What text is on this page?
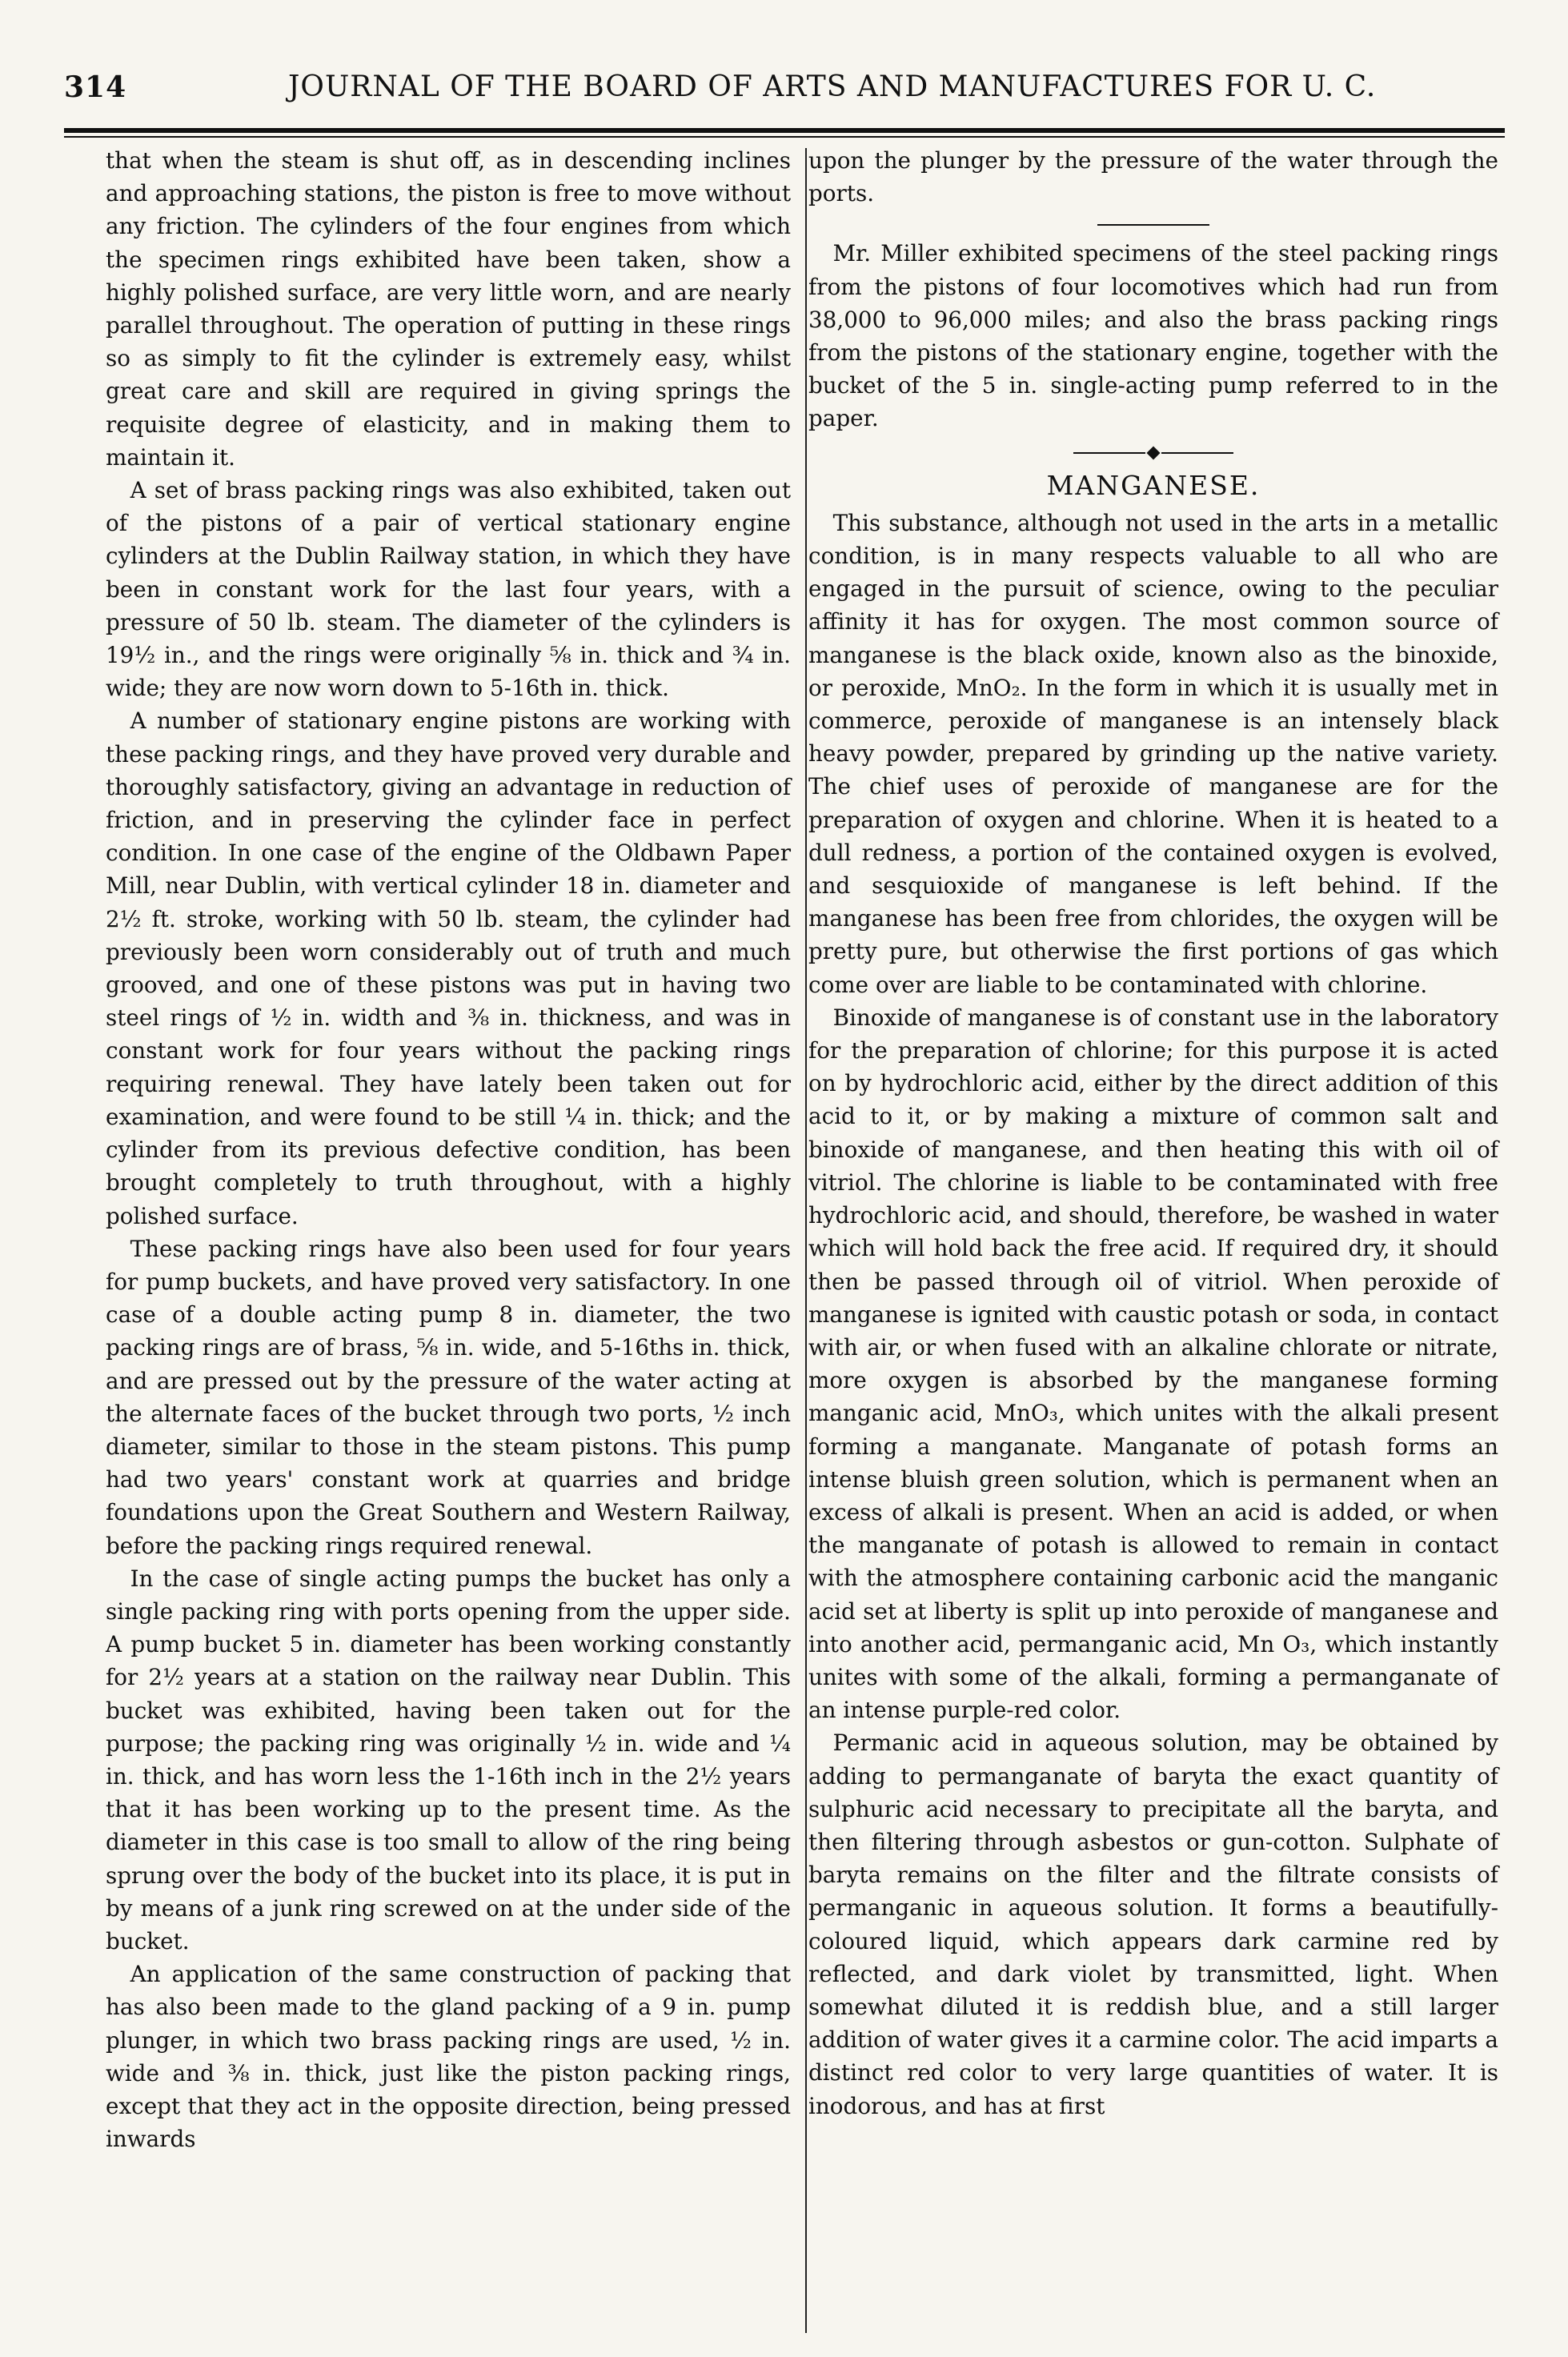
314	JOURNAL OF THE BOARD OF ARTS AND MANUFACTURES FOR U. C.

that when the steam is shut off, as in descending inclines and approaching stations, the piston is free to move without any friction. The cylinders of the four engines from which the specimen rings exhibited have been taken, show a highly polished surface, are very little worn, and are nearly parallel throughout. The operation of putting in these rings so as simply to fit the cylinder is extremely easy, whilst great care and skill are required in giving springs the requisite degree of elasticity, and in making them to maintain it.

A set of brass packing rings was also exhibited, taken out of the pistons of a pair of vertical stationary engine cylinders at the Dublin Railway station, in which they have been in constant work for the last four years, with a pressure of 50 lb. steam. The diameter of the cylinders is 19½ in., and the rings were originally ⅝ in. thick and ¾ in. wide; they are now worn down to 5-16th in. thick.

A number of stationary engine pistons are working with these packing rings, and they have proved very durable and thoroughly satisfactory, giving an advantage in reduction of friction, and in preserving the cylinder face in perfect condition. In one case of the engine of the Oldbawn Paper Mill, near Dublin, with vertical cylinder 18 in. diameter and 2½ ft. stroke, working with 50 lb. steam, the cylinder had previously been worn considerably out of truth and much grooved, and one of these pistons was put in having two steel rings of ½ in. width and ⅜ in. thickness, and was in constant work for four years without the packing rings requiring renewal. They have lately been taken out for examination, and were found to be still ¼ in. thick; and the cylinder from its previous defective condition, has been brought completely to truth throughout, with a highly polished surface.

These packing rings have also been used for four years for pump buckets, and have proved very satisfactory. In one case of a double acting pump 8 in. diameter, the two packing rings are of brass, ⅝ in. wide, and 5-16ths in. thick, and are pressed out by the pressure of the water acting at the alternate faces of the bucket through two ports, ½ inch diameter, similar to those in the steam pistons. This pump had two years' constant work at quarries and bridge foundations upon the Great Southern and Western Railway, before the packing rings required renewal.

In the case of single acting pumps the bucket has only a single packing ring with ports opening from the upper side. A pump bucket 5 in. diameter has been working constantly for 2½ years at a station on the railway near Dublin. This bucket was exhibited, having been taken out for the purpose; the packing ring was originally ½ in. wide and ¼ in. thick, and has worn less the 1-16th inch in the 2½ years that it has been working up to the present time. As the diameter in this case is too small to allow of the ring being sprung over the body of the bucket into its place, it is put in by means of a junk ring screwed on at the under side of the bucket.

An application of the same construction of packing that has also been made to the gland packing of a 9 in. pump plunger, in which two brass packing rings are used, ½ in. wide and ⅜ in. thick, just like the piston packing rings, except that they act in the opposite direction, being pressed inwards

upon the plunger by the pressure of the water through the ports.

Mr. Miller exhibited specimens of the steel packing rings from the pistons of four locomotives which had run from 38,000 to 96,000 miles; and also the brass packing rings from the pistons of the stationary engine, together with the bucket of the 5 in. single-acting pump referred to in the paper.

MANGANESE.

This substance, although not used in the arts in a metallic condition, is in many respects valuable to all who are engaged in the pursuit of science, owing to the peculiar affinity it has for oxygen. The most common source of manganese is the black oxide, known also as the binoxide, or peroxide, MnO₂. In the form in which it is usually met in commerce, peroxide of manganese is an intensely black heavy powder, prepared by grinding up the native variety. The chief uses of peroxide of manganese are for the preparation of oxygen and chlorine. When it is heated to a dull redness, a portion of the contained oxygen is evolved, and sesquioxide of manganese is left behind. If the manganese has been free from chlorides, the oxygen will be pretty pure, but otherwise the first portions of gas which come over are liable to be contaminated with chlorine.

Binoxide of manganese is of constant use in the laboratory for the preparation of chlorine; for this purpose it is acted on by hydrochloric acid, either by the direct addition of this acid to it, or by making a mixture of common salt and binoxide of manganese, and then heating this with oil of vitriol. The chlorine is liable to be contaminated with free hydrochloric acid, and should, therefore, be washed in water which will hold back the free acid. If required dry, it should then be passed through oil of vitriol. When peroxide of manganese is ignited with caustic potash or soda, in contact with air, or when fused with an alkaline chlorate or nitrate, more oxygen is absorbed by the manganese forming manganic acid, MnO₃, which unites with the alkali present forming a manganate. Manganate of potash forms an intense bluish green solution, which is permanent when an excess of alkali is present. When an acid is added, or when the manganate of potash is allowed to remain in contact with the atmosphere containing carbonic acid the manganic acid set at liberty is split up into peroxide of manganese and into another acid, permanganic acid, Mn O₃, which instantly unites with some of the alkali, forming a permanganate of an intense purple-red color.

Permanic acid in aqueous solution, may be obtained by adding to permanganate of baryta the exact quantity of sulphuric acid necessary to precipitate all the baryta, and then filtering through asbestos or gun-cotton. Sulphate of baryta remains on the filter and the filtrate consists of permanganic in aqueous solution. It forms a beautifully-coloured liquid, which appears dark carmine red by reflected, and dark violet by transmitted, light. When somewhat diluted it is reddish blue, and a still larger addition of water gives it a carmine color. The acid imparts a distinct red color to very large quantities of water. It is inodorous, and has at first
